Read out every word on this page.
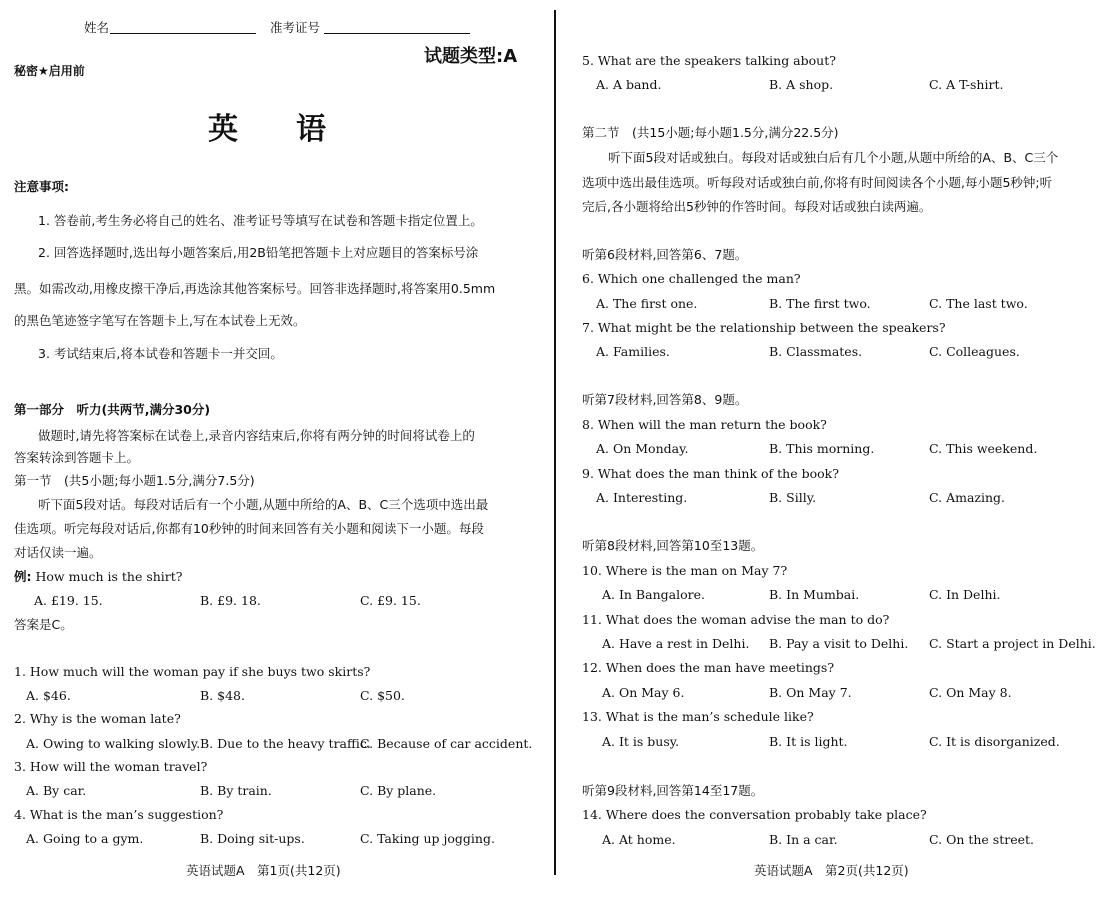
姓名	准考证号
试题类型:A
秘密★启用前
英 语
注意事项:
1. 答卷前,考生务必将自己的姓名、准考证号等填写在试卷和答题卡指定位置上。
2. 回答选择题时,选出每小题答案后,用2B铅笔把答题卡上对应题目的答案标号涂
黑。如需改动,用橡皮擦干净后,再选涂其他答案标号。回答非选择题时,将答案用0.5mm
的黑色笔迹签字笔写在答题卡上,写在本试卷上无效。
3. 考试结束后,将本试卷和答题卡一并交回。
第一部分　听力(共两节,满分30分)
做题时,请先将答案标在试卷上,录音内容结束后,你将有两分钟的时间将试卷上的
答案转涂到答题卡上。
第一节　(共5小题;每小题1.5分,满分7.5分)
听下面5段对话。每段对话后有一个小题,从题中所给的A、B、C三个选项中选出最
佳选项。听完每段对话后,你都有10秒钟的时间来回答有关小题和阅读下一小题。每段
对话仅读一遍。
例: How much is the shirt?
A. £19. 15.	B. £9. 18.	C. £9. 15.
答案是C。
1. How much will the woman pay if she buys two skirts?
A. $46.	B. $48.	C. $50.
2. Why is the woman late?
A. Owing to walking slowly. B. Due to the heavy traffic.
C. Because of car accident.
3. How will the woman travel?
A. By car.	B. By train.	C. By plane.
4. What is the man’s suggestion?
A. Going to a gym.	B. Doing sit-ups.	C. Taking up jogging.
英语试题A　第1页(共12页)
5. What are the speakers talking about?
A. A band.	B. A shop.	C. A T-shirt.
第二节　(共15小题;每小题1.5分,满分22.5分)
听下面5段对话或独白。每段对话或独白后有几个小题,从题中所给的A、B、C三个
选项中选出最佳选项。听每段对话或独白前,你将有时间阅读各个小题,每小题5秒钟;听
完后,各小题将给出5秒钟的作答时间。每段对话或独白读两遍。
听第6段材料,回答第6、7题。
6. Which one challenged the man?
A. The first one.	B. The first two.	C. The last two.
7. What might be the relationship between the speakers?
A. Families.	B. Classmates.	C. Colleagues.
听第7段材料,回答第8、9题。
8. When will the man return the book?
A. On Monday.	B. This morning.	C. This weekend.
9. What does the man think of the book?
A. Interesting.	B. Silly.	C. Amazing.
听第8段材料,回答第10至13题。
10. Where is the man on May 7?
A. In Bangalore.	B. In Mumbai.	C. In Delhi.
11. What does the woman advise the man to do?
A. Have a rest in Delhi. B. Pay a visit to Delhi. C. Start a project in Delhi.
12. When does the man have meetings?
A. On May 6.	B. On May 7.	C. On May 8.
13. What is the man’s schedule like?
A. It is busy.	B. It is light.	C. It is disorganized.
听第9段材料,回答第14至17题。
14. Where does the conversation probably take place?
A. At home.	B. In a car.	C. On the street.
英语试题A　第2页(共12页)
